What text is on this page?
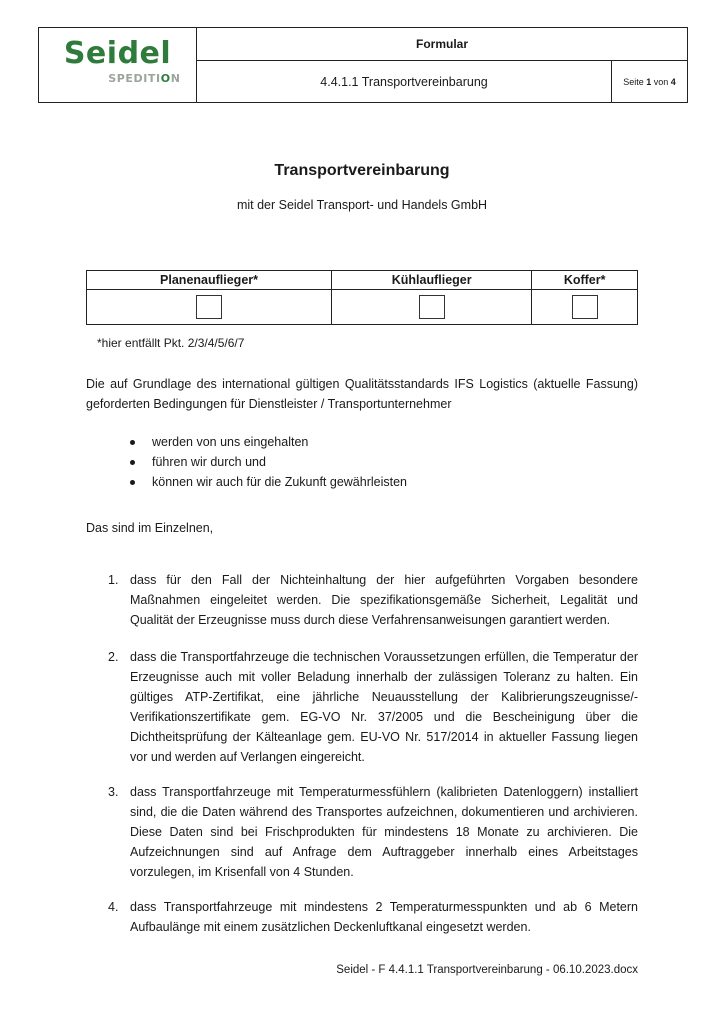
Seidel
SPEDITION	Formular	
	4.4.1.1 Transportvereinbarung	Seite 1 von 4
Transportvereinbarung
mit der Seidel Transport- und Handels GmbH
Planenauflieger*	Kühlauflieger	Koffer*

*hier entfällt Pkt. 2/3/4/5/6/7
Die auf Grundlage des international gültigen Qualitätsstandards IFS Logistics (aktuelle Fassung) geforderten Bedingungen für Dienstleister / Transportunternehmer
werden von uns eingehalten
führen wir durch und
können wir auch für die Zukunft gewährleisten
Das sind im Einzelnen,
1. dass für den Fall der Nichteinhaltung der hier aufgeführten Vorgaben besondere Maßnahmen eingeleitet werden. Die spezifikationsgemäße Sicherheit, Legalität und Qualität der Erzeugnisse muss durch diese Verfahrensanweisungen garantiert werden.
2. dass die Transportfahrzeuge die technischen Voraussetzungen erfüllen, die Temperatur der Erzeugnisse auch mit voller Beladung innerhalb der zulässigen Toleranz zu halten. Ein gültiges ATP-Zertifikat, eine jährliche Neuausstellung der Kalibrierungszeugnisse/-Verifikationszertifikate gem. EG-VO Nr. 37/2005 und die Bescheinigung über die Dichtheitsprüfung der Kälteanlage gem. EU-VO Nr. 517/2014 in aktueller Fassung liegen vor und werden auf Verlangen eingereicht.
3. dass Transportfahrzeuge mit Temperaturmessfühlern (kalibrieten Datenloggern) installiert sind, die die Daten während des Transportes aufzeichnen, dokumentieren und archivieren. Diese Daten sind bei Frischprodukten für mindestens 18 Monate zu archivieren. Die Aufzeichnungen sind auf Anfrage dem Auftraggeber innerhalb eines Arbeitstages vorzulegen, im Krisenfall von 4 Stunden.
4. dass Transportfahrzeuge mit mindestens 2 Temperaturmesspunkten und ab 6 Metern Aufbaulänge mit einem zusätzlichen Deckenluftkanal eingesetzt werden.
Seidel - F 4.4.1.1 Transportvereinbarung - 06.10.2023.docx
